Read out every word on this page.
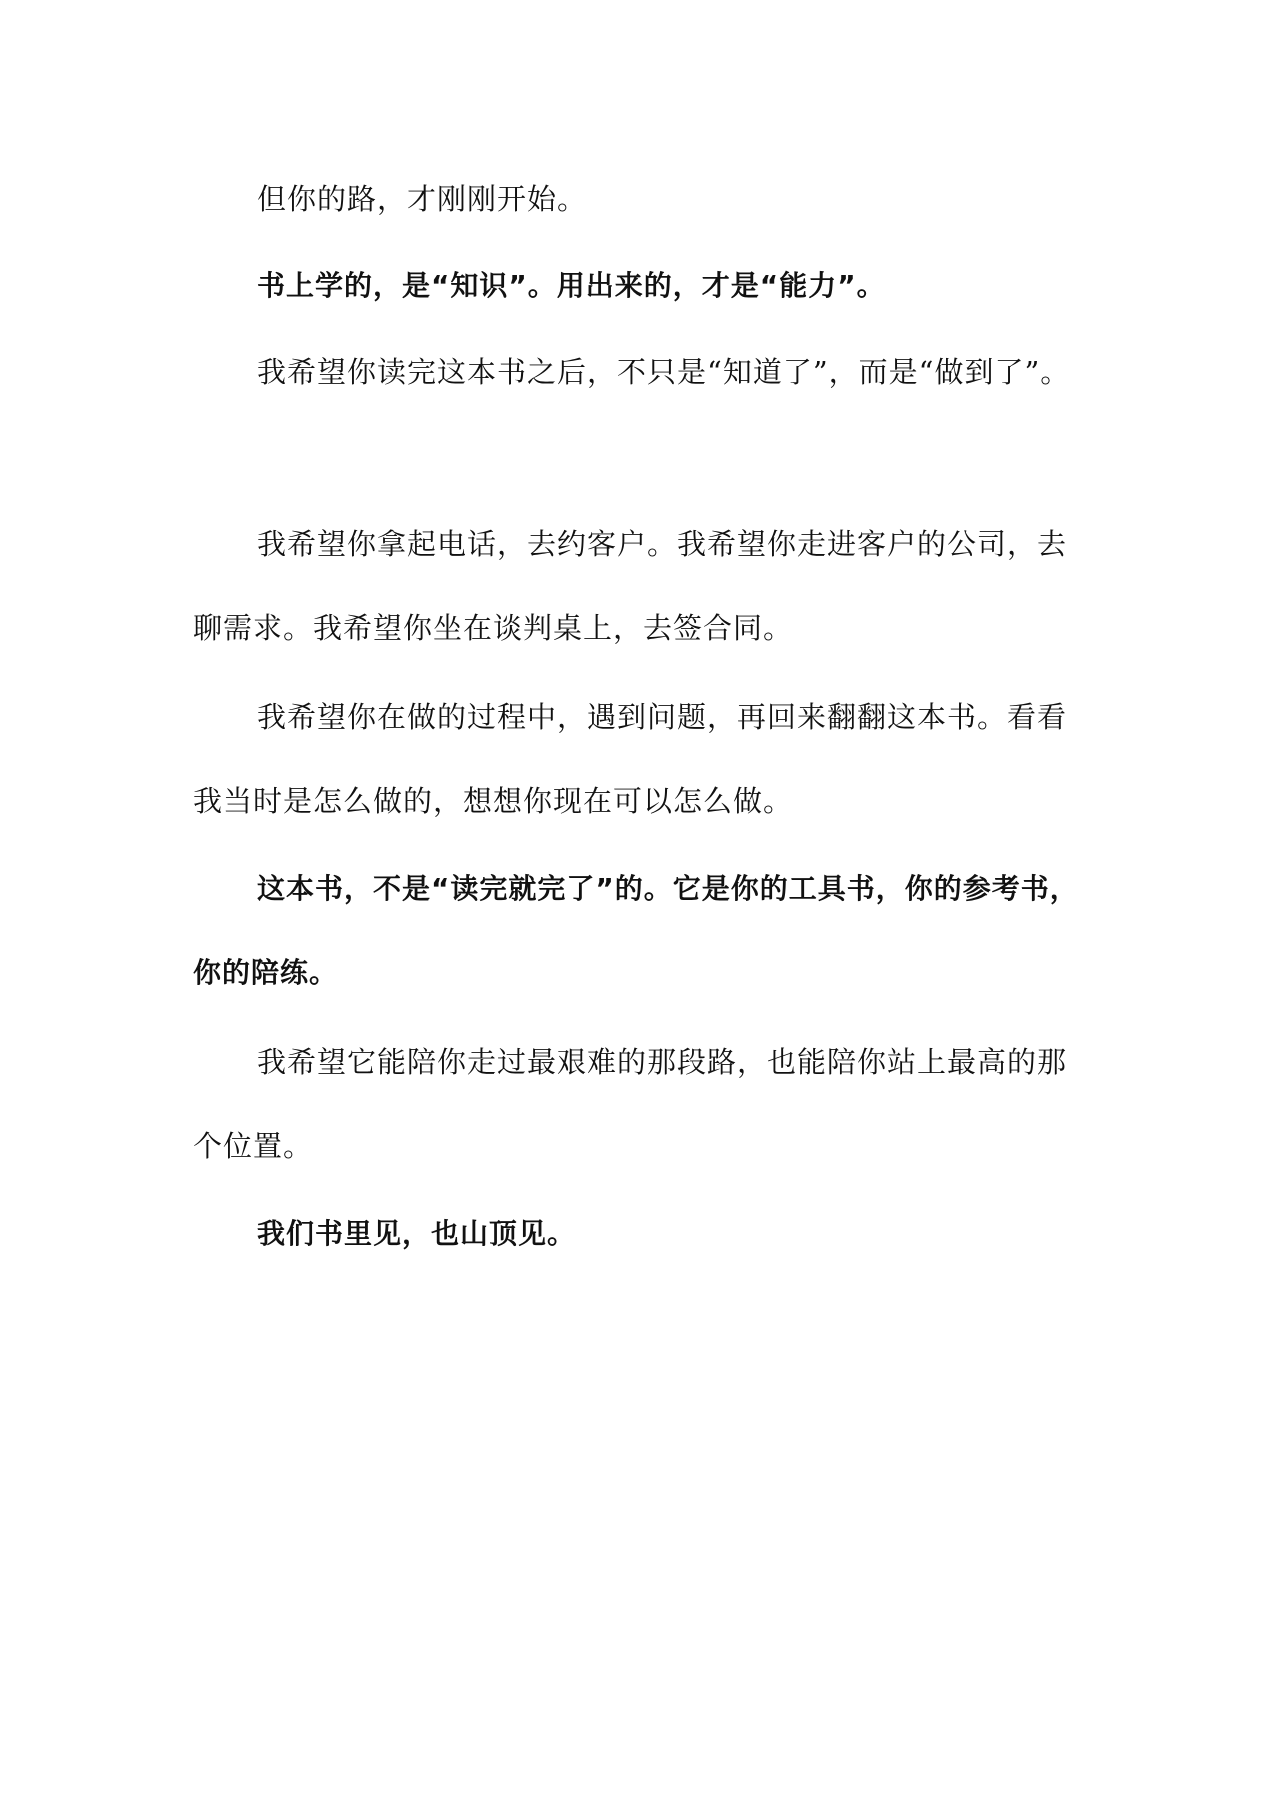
但你的路，才刚刚开始。

书上学的，是“知识”。用出来的，才是“能力”。

我希望你读完这本书之后，不只是“知道了”，而是“做到了”。

我希望你拿起电话，去约客户。我希望你走进客户的公司，去聊需求。我希望你坐在谈判桌上，去签合同。

我希望你在做的过程中，遇到问题，再回来翻翻这本书。看看我当时是怎么做的，想想你现在可以怎么做。

这本书，不是“读完就完了”的。它是你的工具书，你的参考书，你的陪练。

我希望它能陪你走过最艰难的那段路，也能陪你站上最高的那个位置。

我们书里见，也山顶见。
